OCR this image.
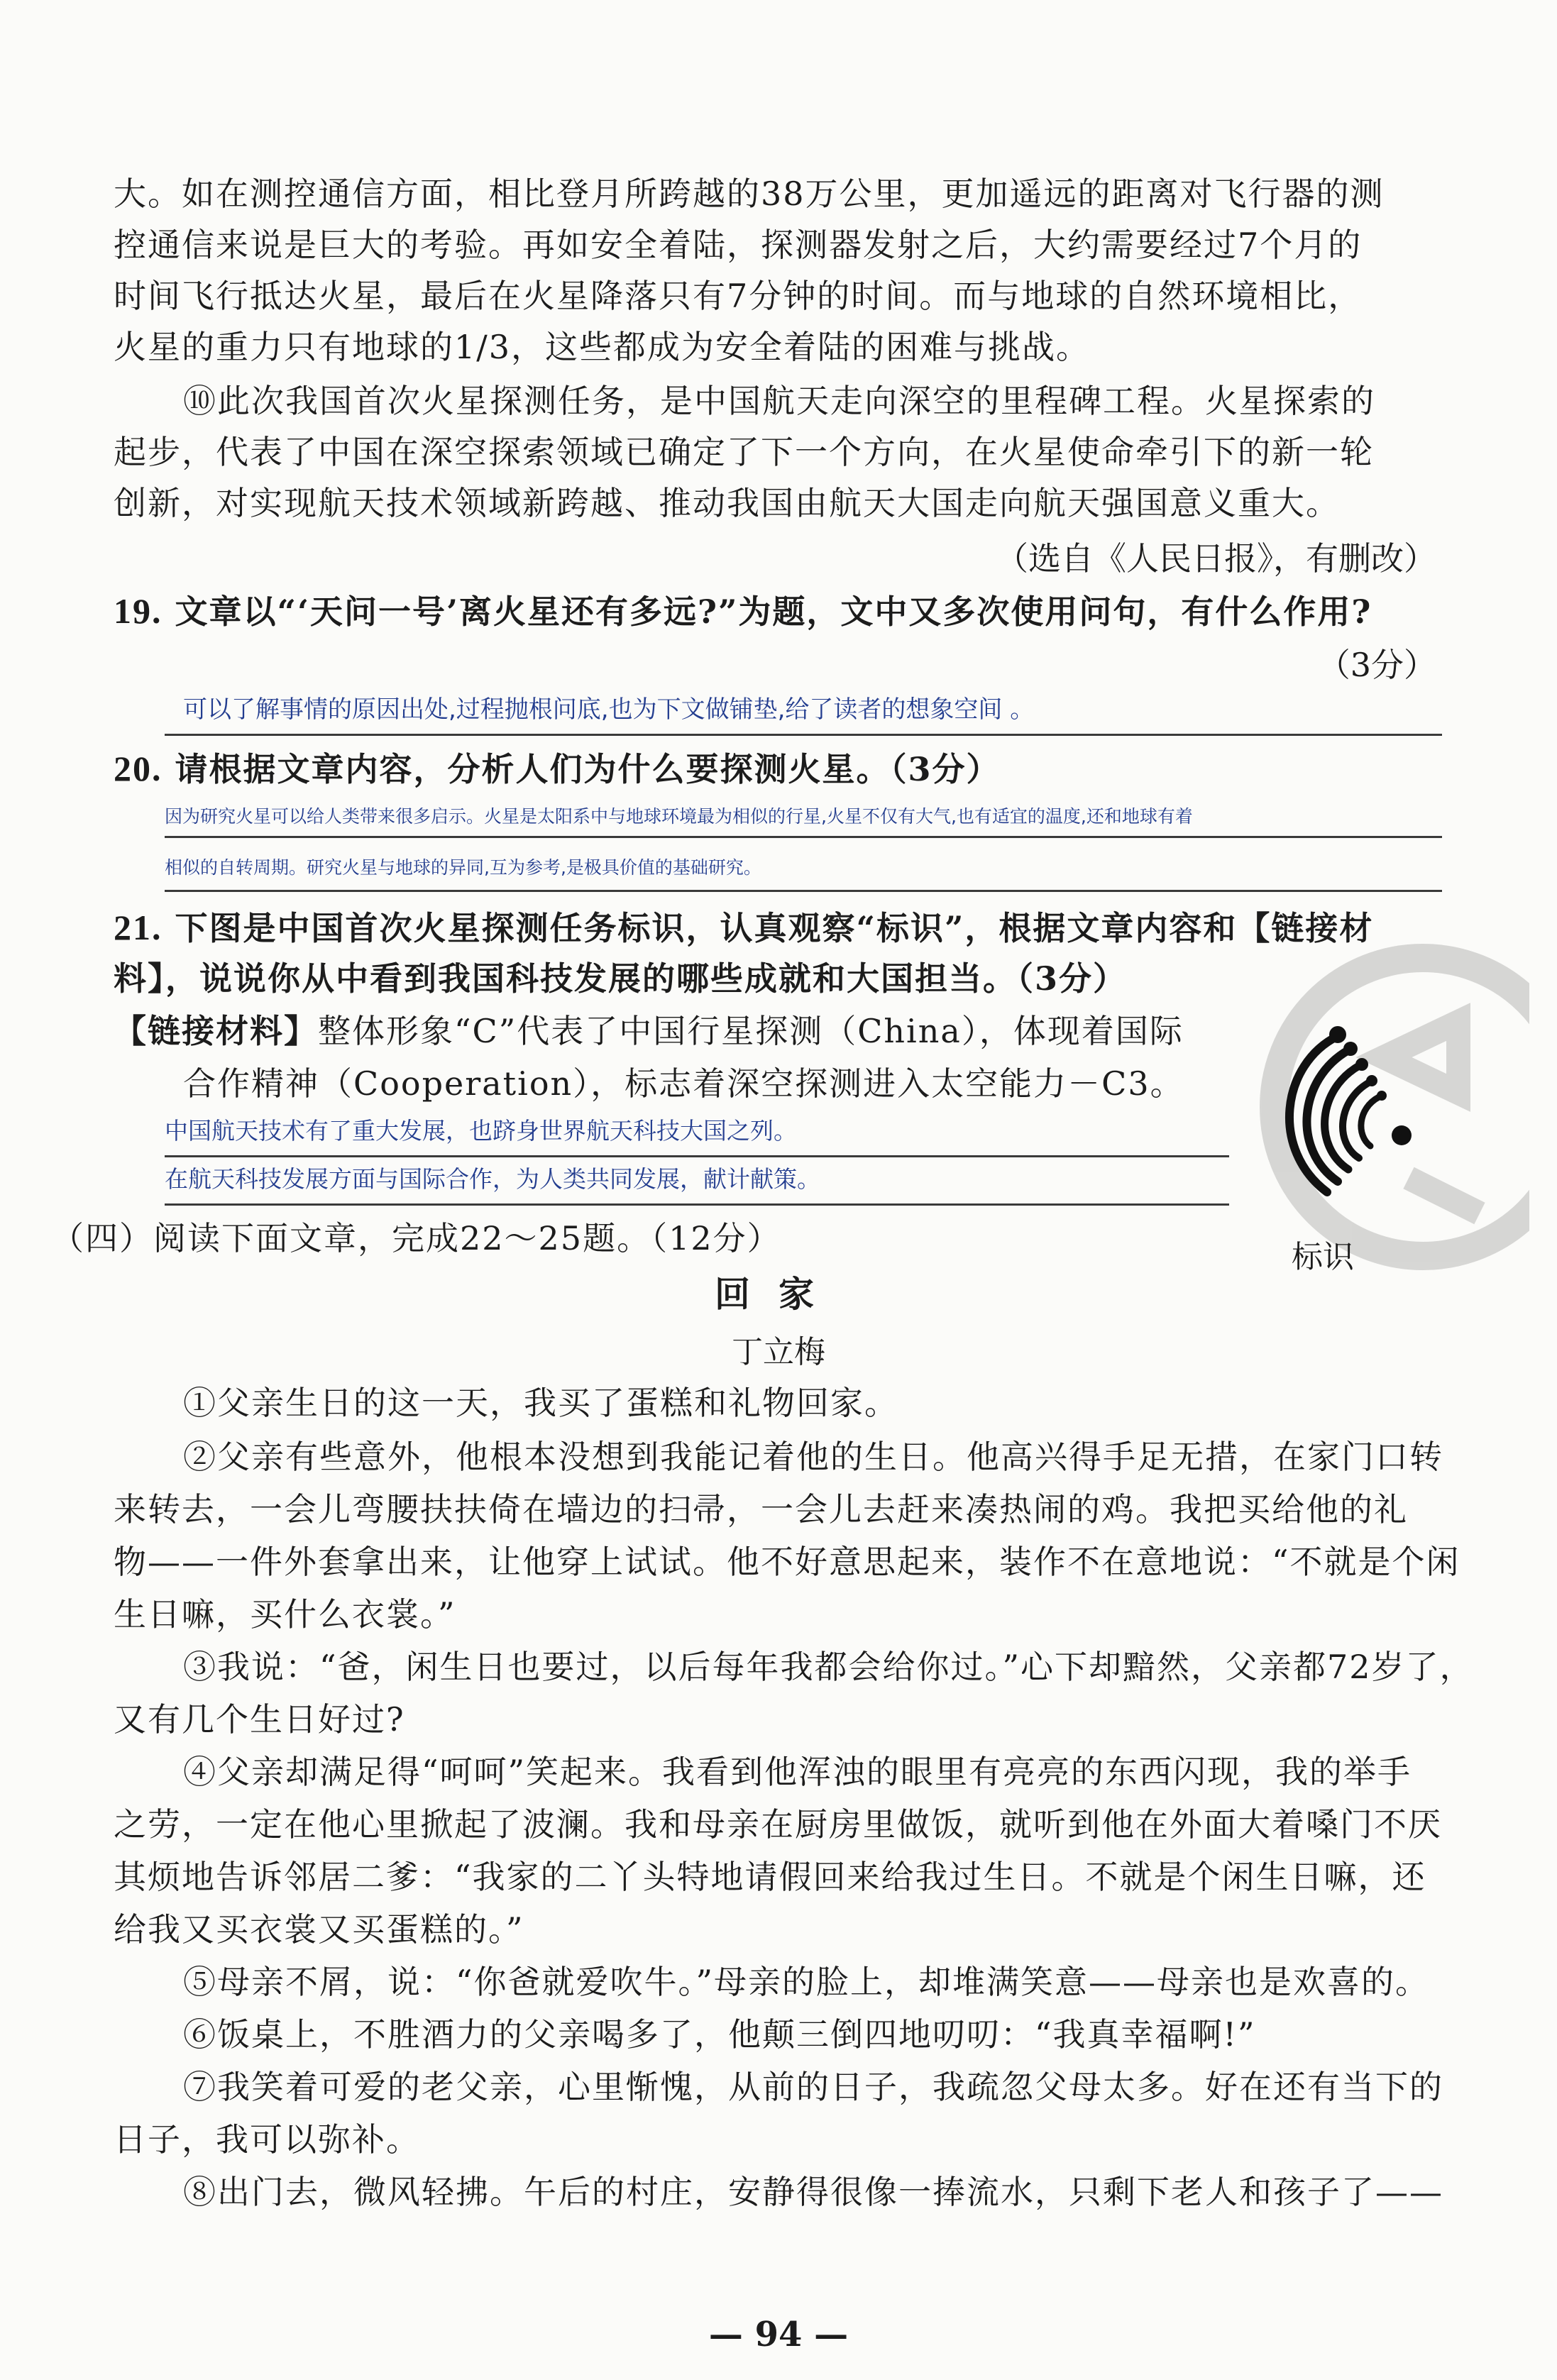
大。如在测控通信方面，相比登月所跨越的38万公里，更加遥远的距离对飞行器的测
控通信来说是巨大的考验。再如安全着陆，探测器发射之后，大约需要经过7个月的
时间飞行抵达火星，最后在火星降落只有7分钟的时间。而与地球的自然环境相比，
火星的重力只有地球的1/3，这些都成为安全着陆的困难与挑战。
⑩此次我国首次火星探测任务，是中国航天走向深空的里程碑工程。火星探索的
起步，代表了中国在深空探索领域已确定了下一个方向，在火星使命牵引下的新一轮
创新，对实现航天技术领域新跨越、推动我国由航天大国走向航天强国意义重大。
（选自《人民日报》，有删改）
19. 文章以“‘天问一号’离火星还有多远?”为题，文中又多次使用问句，有什么作用?
（3分）
可以了解事情的原因出处,过程抛根问底,也为下文做铺垫,给了读者的想象空间 。
20. 请根据文章内容，分析人们为什么要探测火星。（3分）
因为研究火星可以给人类带来很多启示。火星是太阳系中与地球环境最为相似的行星,火星不仅有大气,也有适宜的温度,还和地球有着
相似的自转周期。研究火星与地球的异同,互为参考,是极具价值的基础研究。
21. 下图是中国首次火星探测任务标识，认真观察“标识”，根据文章内容和【链接材
料】，说说你从中看到我国科技发展的哪些成就和大国担当。（3分）
【链接材料】整体形象“C”代表了中国行星探测（China），体现着国际
合作精神（Cooperation），标志着深空探测进入太空能力－C3。
中国航天技术有了重大发展，也跻身世界航天科技大国之列。
在航天科技发展方面与国际合作，为人类共同发展，献计献策。
标识
（四）阅读下面文章，完成22～25题。（12分）
回家
丁立梅
①父亲生日的这一天，我买了蛋糕和礼物回家。
②父亲有些意外，他根本没想到我能记着他的生日。他高兴得手足无措，在家门口转
来转去，一会儿弯腰扶扶倚在墙边的扫帚，一会儿去赶来凑热闹的鸡。我把买给他的礼
物——一件外套拿出来，让他穿上试试。他不好意思起来，装作不在意地说：“不就是个闲
生日嘛，买什么衣裳。”
③我说：“爸，闲生日也要过，以后每年我都会给你过。”心下却黯然，父亲都72岁了，
又有几个生日好过?
④父亲却满足得“呵呵”笑起来。我看到他浑浊的眼里有亮亮的东西闪现，我的举手
之劳，一定在他心里掀起了波澜。我和母亲在厨房里做饭，就听到他在外面大着嗓门不厌
其烦地告诉邻居二爹：“我家的二丫头特地请假回来给我过生日。不就是个闲生日嘛，还
给我又买衣裳又买蛋糕的。”
⑤母亲不屑，说：“你爸就爱吹牛。”母亲的脸上，却堆满笑意——母亲也是欢喜的。
⑥饭桌上，不胜酒力的父亲喝多了，他颠三倒四地叨叨：“我真幸福啊!”
⑦我笑着可爱的老父亲，心里惭愧，从前的日子，我疏忽父母太多。好在还有当下的
日子，我可以弥补。
⑧出门去，微风轻拂。午后的村庄，安静得很像一捧流水，只剩下老人和孩子了——
— 94 —
